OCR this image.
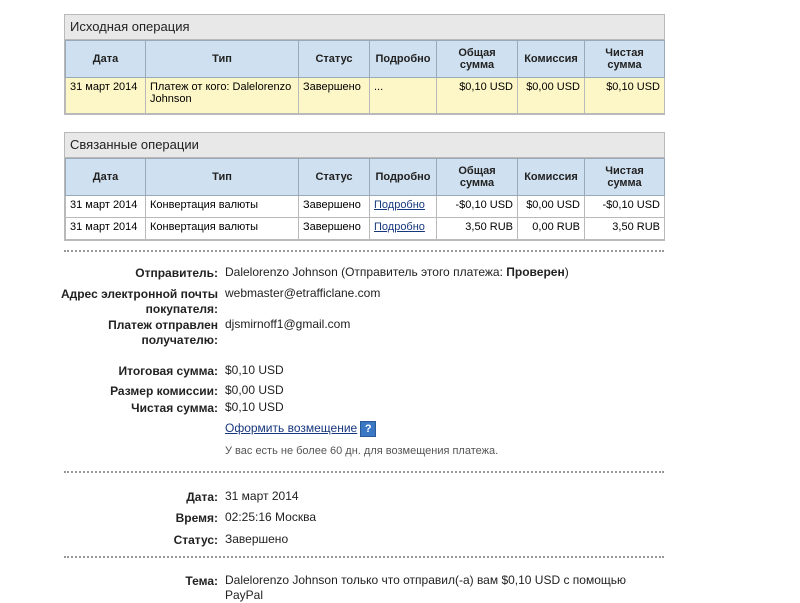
Исходная операция
Дата	Тип	Статус	Подробно	Общая сумма	Комиссия	Чистая сумма
31 март 2014	Платеж от кого: Dalelorenzo Johnson	Завершено	...	$0,10 USD	$0,00 USD	$0,10 USD
Связанные операции
Дата	Тип	Статус	Подробно	Общая сумма	Комиссия	Чистая сумма
31 март 2014	Конвертация валюты	Завершено	Подробно	-$0,10 USD	$0,00 USD	-$0,10 USD
31 март 2014	Конвертация валюты	Завершено	Подробно	3,50 RUB	0,00 RUB	3,50 RUB
Отправитель: Dalelorenzo Johnson (Отправитель этого платежа: Проверен)
Адрес электронной почты
покупателя:
webmaster@etrafficlane.com
Платеж отправлен
получателю:
djsmirnoff1@gmail.com
Итоговая сумма: $0,10 USD
Размер комиссии: $0,00 USD
Чистая сумма: $0,10 USD
Оформить возмещение ?
У вас есть не более 60 дн. для возмещения платежа.
Дата: 31 март 2014
Время: 02:25:16 Москва
Статус: Завершено
Тема: Dalelorenzo Johnson только что отправил(-а) вам $0,10 USD с помощью
PayPal
